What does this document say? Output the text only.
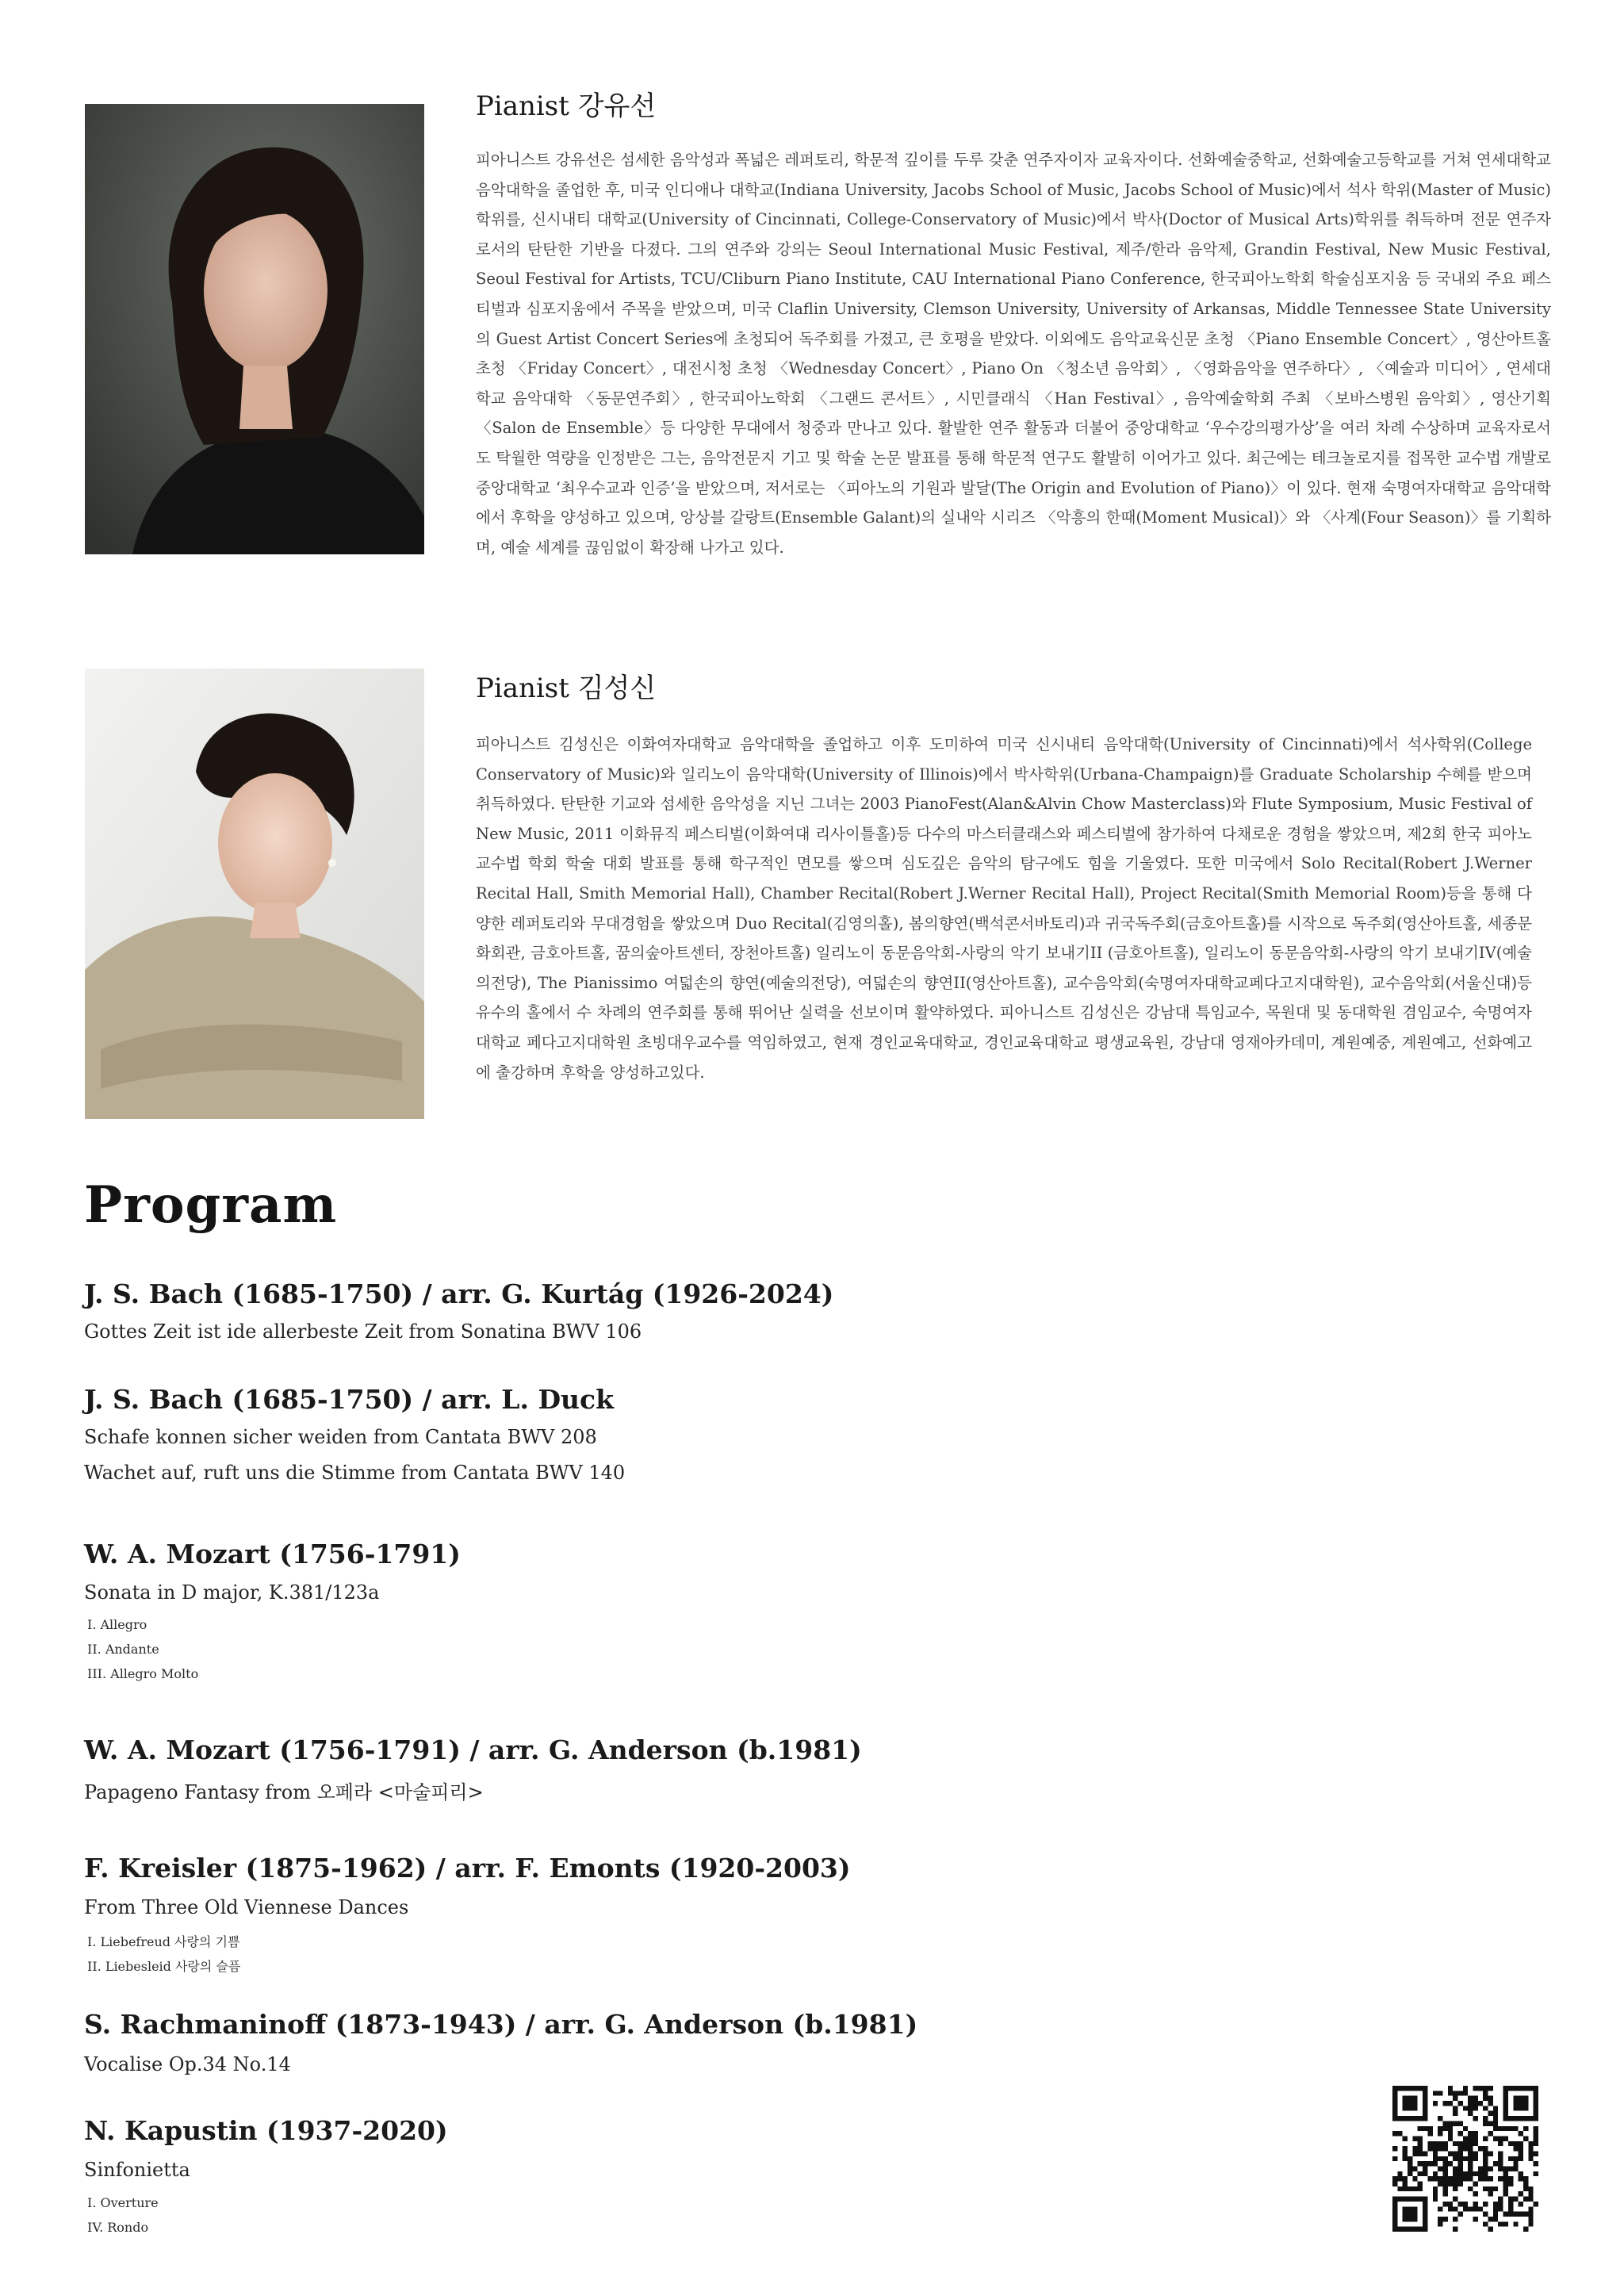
Pianist 강유선

피아니스트 강유선은 섬세한 음악성과 폭넓은 레퍼토리, 학문적 깊이를 두루 갖춘 연주자이자 교육자이다. 선화예술중학교, 선화예술고등학교를 거쳐 연세대학교 음악대학을 졸업한 후, 미국 인디애나 대학교(Indiana University, Jacobs School of Music, Jacobs School of Music)에서 석사 학위(Master of Music)학위를, 신시내티 대학교(University of Cincinnati, College-Conservatory of Music)에서 박사(Doctor of Musical Arts)학위를 취득하며 전문 연주자로서의 탄탄한 기반을 다졌다. 그의 연주와 강의는 Seoul International Music Festival, 제주/한라 음악제, Grandin Festival, New Music Festival, Seoul Festival for Artists, TCU/Cliburn Piano Institute, CAU International Piano Conference, 한국피아노학회 학술심포지움 등 국내외 주요 페스티벌과 심포지움에서 주목을 받았으며, 미국 Claflin University, Clemson University, University of Arkansas, Middle Tennessee State University의 Guest Artist Concert Series에 초청되어 독주회를 가졌고, 큰 호평을 받았다. 이외에도 음악교육신문 초청 〈Piano Ensemble Concert〉, 영산아트홀 초청 〈Friday Concert〉, 대전시청 초청 〈Wednesday Concert〉, Piano On 〈청소년 음악회〉, 〈영화음악을 연주하다〉, 〈예술과 미디어〉, 연세대학교 음악대학 〈동문연주회〉, 한국피아노학회 〈그랜드 콘서트〉, 시민클래식 〈Han Festival〉, 음악예술학회 주최 〈보바스병원 음악회〉, 영산기획 〈Salon de Ensemble〉등 다양한 무대에서 청중과 만나고 있다. 활발한 연주 활동과 더불어 중앙대학교 ‘우수강의평가상’을 여러 차례 수상하며 교육자로서도 탁월한 역량을 인정받은 그는, 음악전문지 기고 및 학술 논문 발표를 통해 학문적 연구도 활발히 이어가고 있다. 최근에는 테크놀로지를 접목한 교수법 개발로 중앙대학교 ‘최우수교과 인증’을 받았으며, 저서로는 〈피아노의 기원과 발달(The Origin and Evolution of Piano)〉이 있다. 현재 숙명여자대학교 음악대학에서 후학을 양성하고 있으며, 앙상블 갈랑트(Ensemble Galant)의 실내악 시리즈 〈악흥의 한때(Moment Musical)〉와 〈사계(Four Season)〉를 기획하며, 예술 세계를 끊임없이 확장해 나가고 있다.

Pianist 김성신

피아니스트 김성신은 이화여자대학교 음악대학을 졸업하고 이후 도미하여 미국 신시내티 음악대학(University of Cincinnati)에서 석사학위(College Conservatory of Music)와 일리노이 음악대학(University of Illinois)에서 박사학위(Urbana-Champaign)를 Graduate Scholarship 수혜를 받으며 취득하였다. 탄탄한 기교와 섬세한 음악성을 지닌 그녀는 2003 PianoFest(Alan&Alvin Chow Masterclass)와 Flute Symposium, Music Festival of New Music, 2011 이화뮤직 페스티벌(이화여대 리사이틀홀)등 다수의 마스터클래스와 페스티벌에 참가하여 다채로운 경험을 쌓았으며, 제2회 한국 피아노 교수법 학회 학술 대회 발표를 통해 학구적인 면모를 쌓으며 심도깊은 음악의 탐구에도 힘을 기울였다. 또한 미국에서 Solo Recital(Robert J.Werner Recital Hall, Smith Memorial Hall), Chamber Recital(Robert J.Werner Recital Hall), Project Recital(Smith Memorial Room)등을 통해 다양한 레퍼토리와 무대경험을 쌓았으며 Duo Recital(김영의홀), 봄의향연(백석콘서바토리)과 귀국독주회(금호아트홀)를 시작으로 독주회(영산아트홀, 세종문화회관, 금호아트홀, 꿈의숲아트센터, 장천아트홀) 일리노이 동문음악회-사랑의 악기 보내기II (금호아트홀), 일리노이 동문음악회-사랑의 악기 보내기IV(예술의전당), The Pianissimo 여덟손의 향연(예술의전당), 여덟손의 향연II(영산아트홀), 교수음악회(숙명여자대학교페다고지대학원), 교수음악회(서울신대)등 유수의 홀에서 수 차례의 연주회를 통해 뛰어난 실력을 선보이며 활약하였다. 피아니스트 김성신은 강남대 특임교수, 목원대 및 동대학원 겸임교수, 숙명여자대학교 페다고지대학원 초빙대우교수를 역임하였고, 현재 경인교육대학교, 경인교육대학교 평생교육원, 강남대 영재아카데미, 계원예중, 계원예고, 선화예고에 출강하며 후학을 양성하고있다.

Program
J. S. Bach (1685-1750) / arr. G. Kurtág (1926-2024)
Gottes Zeit ist ide allerbeste Zeit from Sonatina BWV 106
J. S. Bach (1685-1750) / arr. L. Duck
Schafe konnen sicher weiden from Cantata BWV 208
Wachet auf, ruft uns die Stimme from Cantata BWV 140
W. A. Mozart (1756-1791)
Sonata in D major, K.381/123a
I. Allegro
II. Andante
III. Allegro Molto
W. A. Mozart (1756-1791) / arr. G. Anderson (b.1981)
Papageno Fantasy from 오페라 <마술피리>
F. Kreisler (1875-1962) / arr. F. Emonts (1920-2003)
From Three Old Viennese Dances
I. Liebefreud 사랑의 기쁨
II. Liebesleid 사랑의 슬픔
S. Rachmaninoff (1873-1943) / arr. G. Anderson (b.1981)
Vocalise Op.34 No.14
N. Kapustin (1937-2020)
Sinfonietta
I. Overture
IV. Rondo
